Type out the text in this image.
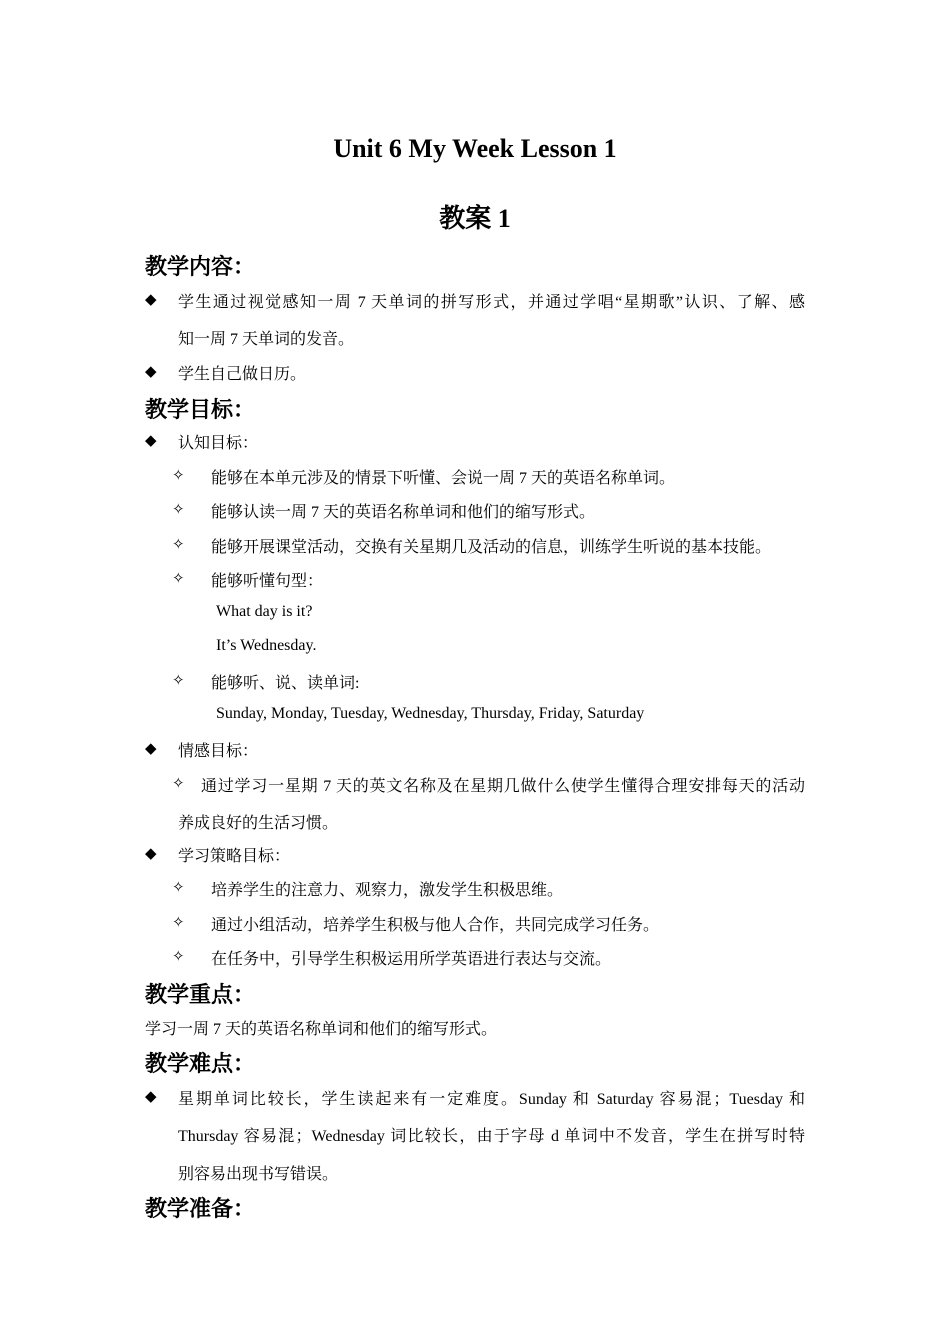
Unit 6 My Week Lesson 1
教案 1
教学内容：
◆ 学生通过视觉感知一周 7 天单词的拼写形式，并通过学唱“星期歌”认识、了解、感
知一周 7 天单词的发音。
◆ 学生自己做日历。
教学目标：
◆ 认知目标：
✧ 能够在本单元涉及的情景下听懂、会说一周 7 天的英语名称单词。
✧ 能够认读一周 7 天的英语名称单词和他们的缩写形式。
✧ 能够开展课堂活动，交换有关星期几及活动的信息，训练学生听说的基本技能。
✧ 能够听懂句型：
What day is it?
It’s Wednesday.
✧ 能够听、说、读单词:
Sunday, Monday, Tuesday, Wednesday, Thursday, Friday, Saturday
◆ 情感目标：
✧ 通过学习一星期 7 天的英文名称及在星期几做什么使学生懂得合理安排每天的活动
养成良好的生活习惯。
◆ 学习策略目标：
✧ 培养学生的注意力、观察力，激发学生积极思维。
✧ 通过小组活动，培养学生积极与他人合作，共同完成学习任务。
✧ 在任务中，引导学生积极运用所学英语进行表达与交流。
教学重点：
学习一周 7 天的英语名称单词和他们的缩写形式。
教学难点：
◆ 星期单词比较长，学生读起来有一定难度。Sunday 和 Saturday 容易混；Tuesday 和
Thursday 容易混；Wednesday 词比较长，由于字母 d 单词中不发音，学生在拼写时特
别容易出现书写错误。
教学准备：
